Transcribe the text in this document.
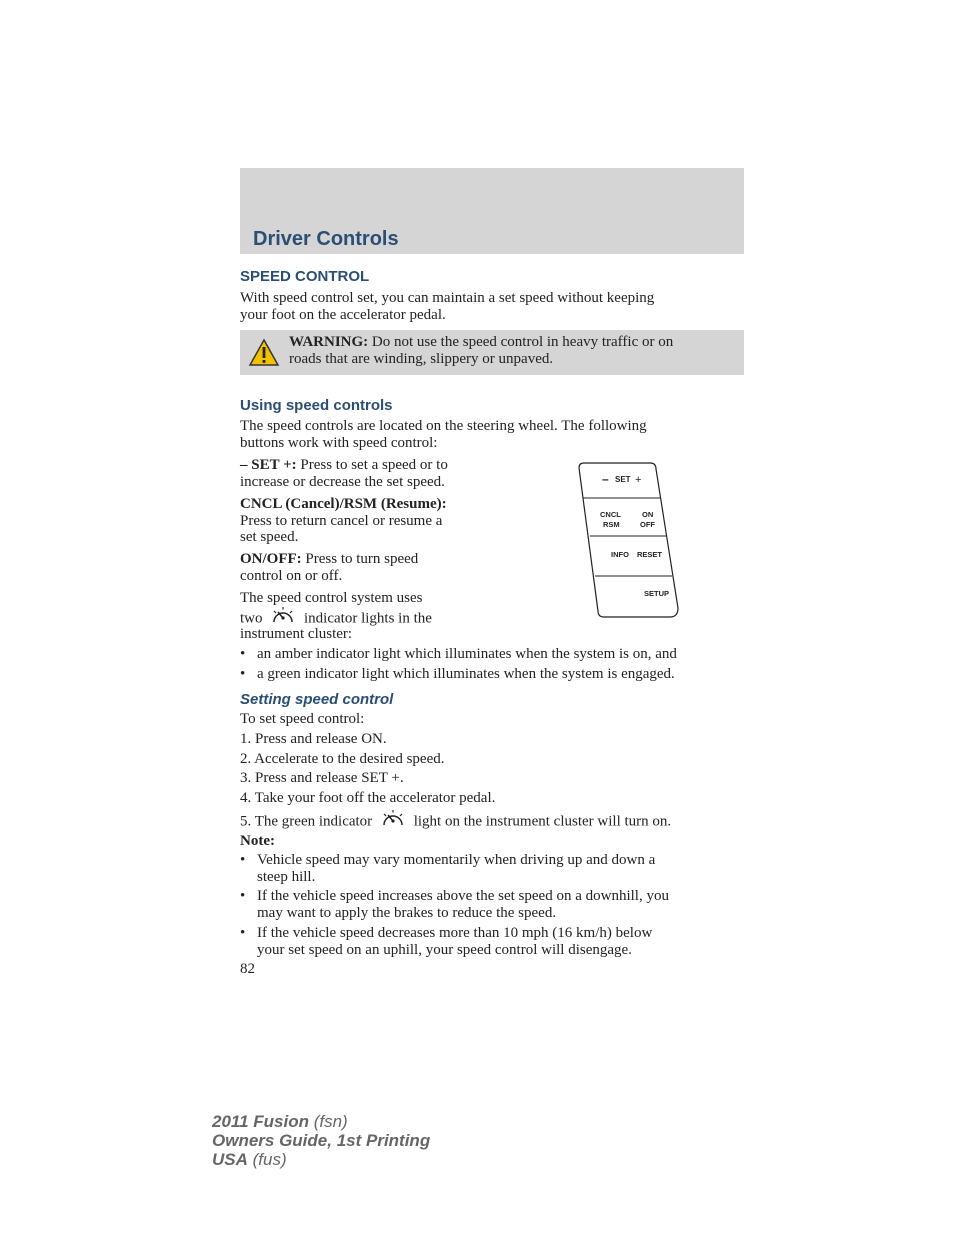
Driver Controls
SPEED CONTROL
With speed control set, you can maintain a set speed without keeping
your foot on the accelerator pedal.
WARNING: Do not use the speed control in heavy traffic or on
roads that are winding, slippery or unpaved.
Using speed controls
The speed controls are located on the steering wheel. The following
buttons work with speed control:
– SET +: Press to set a speed or to
increase or decrease the set speed.
CNCL (Cancel)/RSM (Resume):
Press to return cancel or resume a
set speed.
ON/OFF: Press to turn speed
control on or off.
The speed control system uses
two	indicator lights in the
instrument cluster:
• an amber indicator light which illuminates when the system is on, and
• a green indicator light which illuminates when the system is engaged.
– SET +
CNCL
RSM
ON
OFF
INFO RESET
SETUP
Setting speed control
To set speed control:
1. Press and release ON.
2. Accelerate to the desired speed.
3. Press and release SET +.
4. Take your foot off the accelerator pedal.
5. The green indicator	light on the instrument cluster will turn on.
Note:
• Vehicle speed may vary momentarily when driving up and down a
steep hill.
• If the vehicle speed increases above the set speed on a downhill, you
may want to apply the brakes to reduce the speed.
• If the vehicle speed decreases more than 10 mph (16 km/h) below
your set speed on an uphill, your speed control will disengage.
82
2011 Fusion (fsn)
Owners Guide, 1st Printing
USA (fus)
